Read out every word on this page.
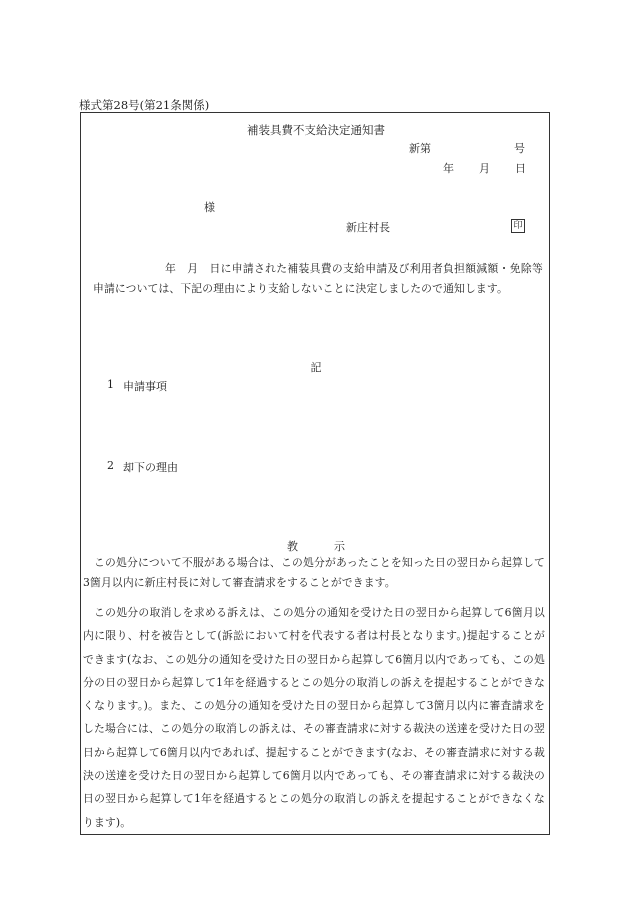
様式第28号(第21条関係)
補装具費不支給決定通知書
新第	号
年 月 日
様
新庄村長	印
年　月　日に申請された補装具費の支給申請及び利用者負担額減額・免除等申請については、下記の理由により支給しないことに決定しましたので通知します。
記
1 申請事項
2 却下の理由
教	示
この処分について不服がある場合は、この処分があったことを知った日の翌日から起算して3箇月以内に新庄村長に対して審査請求をすることができます。
この処分の取消しを求める訴えは、この処分の通知を受けた日の翌日から起算して6箇月以内に限り、村を被告として(訴訟において村を代表する者は村長となります。)提起することができます(なお、この処分の通知を受けた日の翌日から起算して6箇月以内であっても、この処分の日の翌日から起算して1年を経過するとこの処分の取消しの訴えを提起することができなくなります。)。また、この処分の通知を受けた日の翌日から起算して3箇月以内に審査請求をした場合には、この処分の取消しの訴えは、その審査請求に対する裁決の送達を受けた日の翌日から起算して6箇月以内であれば、提起することができます(なお、その審査請求に対する裁決の送達を受けた日の翌日から起算して6箇月以内であっても、その審査請求に対する裁決の日の翌日から起算して1年を経過するとこの処分の取消しの訴えを提起することができなくなります)。
